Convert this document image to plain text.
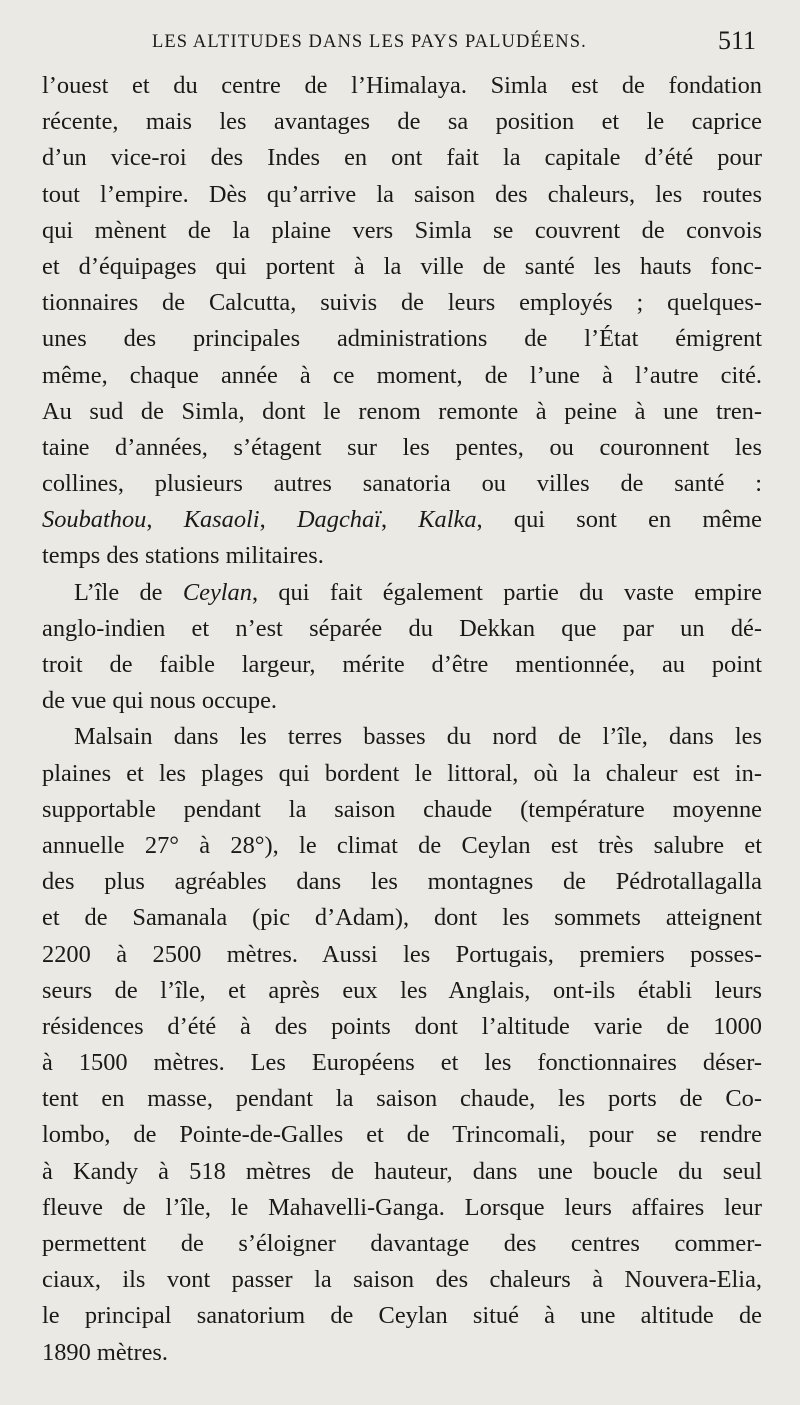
LES ALTITUDES DANS LES PAYS PALUDÉENS.	511
l’ouest et du centre de l’Himalaya. Simla est de fondation
récente, mais les avantages de sa position et le caprice
d’un vice-roi des Indes en ont fait la capitale d’été pour
tout l’empire. Dès qu’arrive la saison des chaleurs, les routes
qui mènent de la plaine vers Simla se couvrent de convois
et d’équipages qui portent à la ville de santé les hauts fonc-
tionnaires de Calcutta, suivis de leurs employés ; quelques-
unes des principales administrations de l’État émigrent
même, chaque année à ce moment, de l’une à l’autre cité.
Au sud de Simla, dont le renom remonte à peine à une tren-
taine d’années, s’étagent sur les pentes, ou couronnent les
collines, plusieurs autres sanatoria ou villes de santé :
Soubathou, Kasaoli, Dagchaï, Kalka, qui sont en même
temps des stations militaires.
L’île de Ceylan, qui fait également partie du vaste empire
anglo-indien et n’est séparée du Dekkan que par un dé-
troit de faible largeur, mérite d’être mentionnée, au point
de vue qui nous occupe.
Malsain dans les terres basses du nord de l’île, dans les
plaines et les plages qui bordent le littoral, où la chaleur est in-
supportable pendant la saison chaude (température moyenne
annuelle 27° à 28°), le climat de Ceylan est très salubre et
des plus agréables dans les montagnes de Pédrotallagalla
et de Samanala (pic d’Adam), dont les sommets atteignent
2200 à 2500 mètres. Aussi les Portugais, premiers posses-
seurs de l’île, et après eux les Anglais, ont-ils établi leurs
résidences d’été à des points dont l’altitude varie de 1000
à 1500 mètres. Les Européens et les fonctionnaires déser-
tent en masse, pendant la saison chaude, les ports de Co-
lombo, de Pointe-de-Galles et de Trincomali, pour se rendre
à Kandy à 518 mètres de hauteur, dans une boucle du seul
fleuve de l’île, le Mahavelli-Ganga. Lorsque leurs affaires leur
permettent de s’éloigner davantage des centres commer-
ciaux, ils vont passer la saison des chaleurs à Nouvera-Elia,
le principal sanatorium de Ceylan situé à une altitude de
1890 mètres.
